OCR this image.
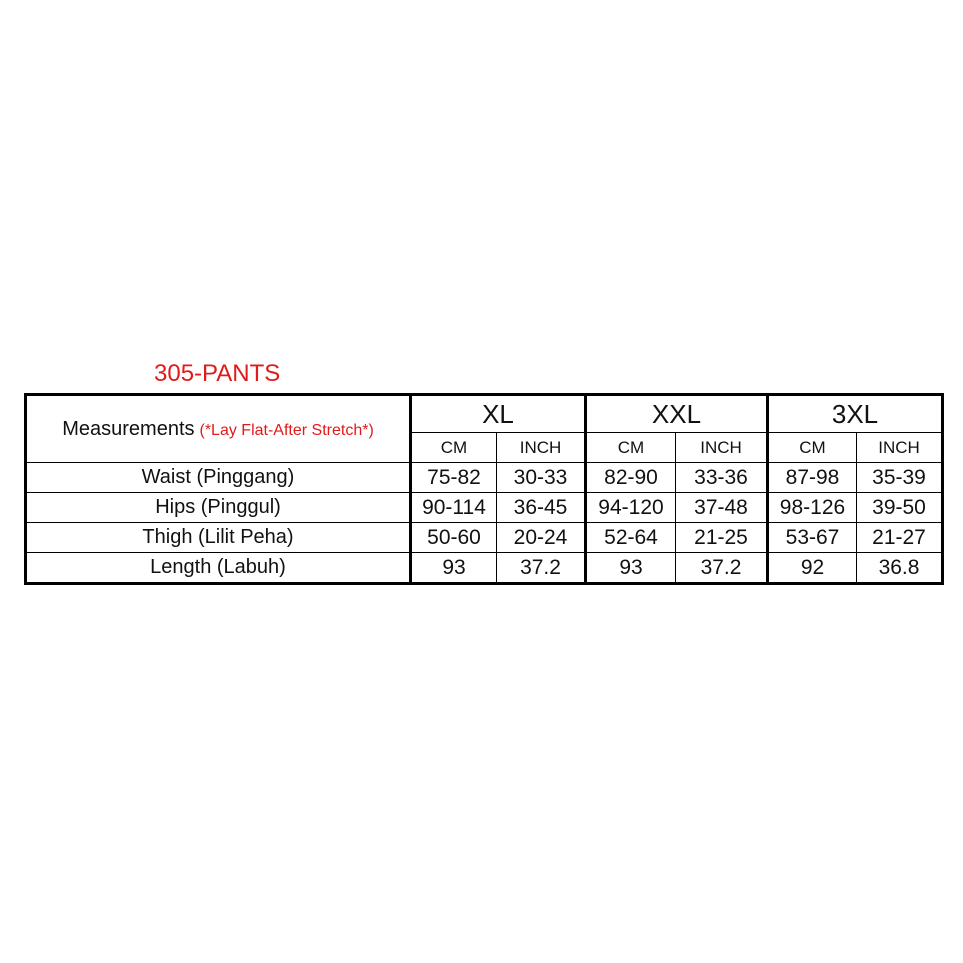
305-PANTS
Measurements (*Lay Flat-After Stretch*)	XL		XXL		3XL	
	CM	INCH	CM	INCH	CM	INCH
Waist (Pinggang)	75-82	30-33	82-90	33-36	87-98	35-39
Hips (Pinggul)	90-114	36-45	94-120	37-48	98-126	39-50
Thigh (Lilit Peha)	50-60	20-24	52-64	21-25	53-67	21-27
Length (Labuh)	93	37.2	93	37.2	92	36.8
